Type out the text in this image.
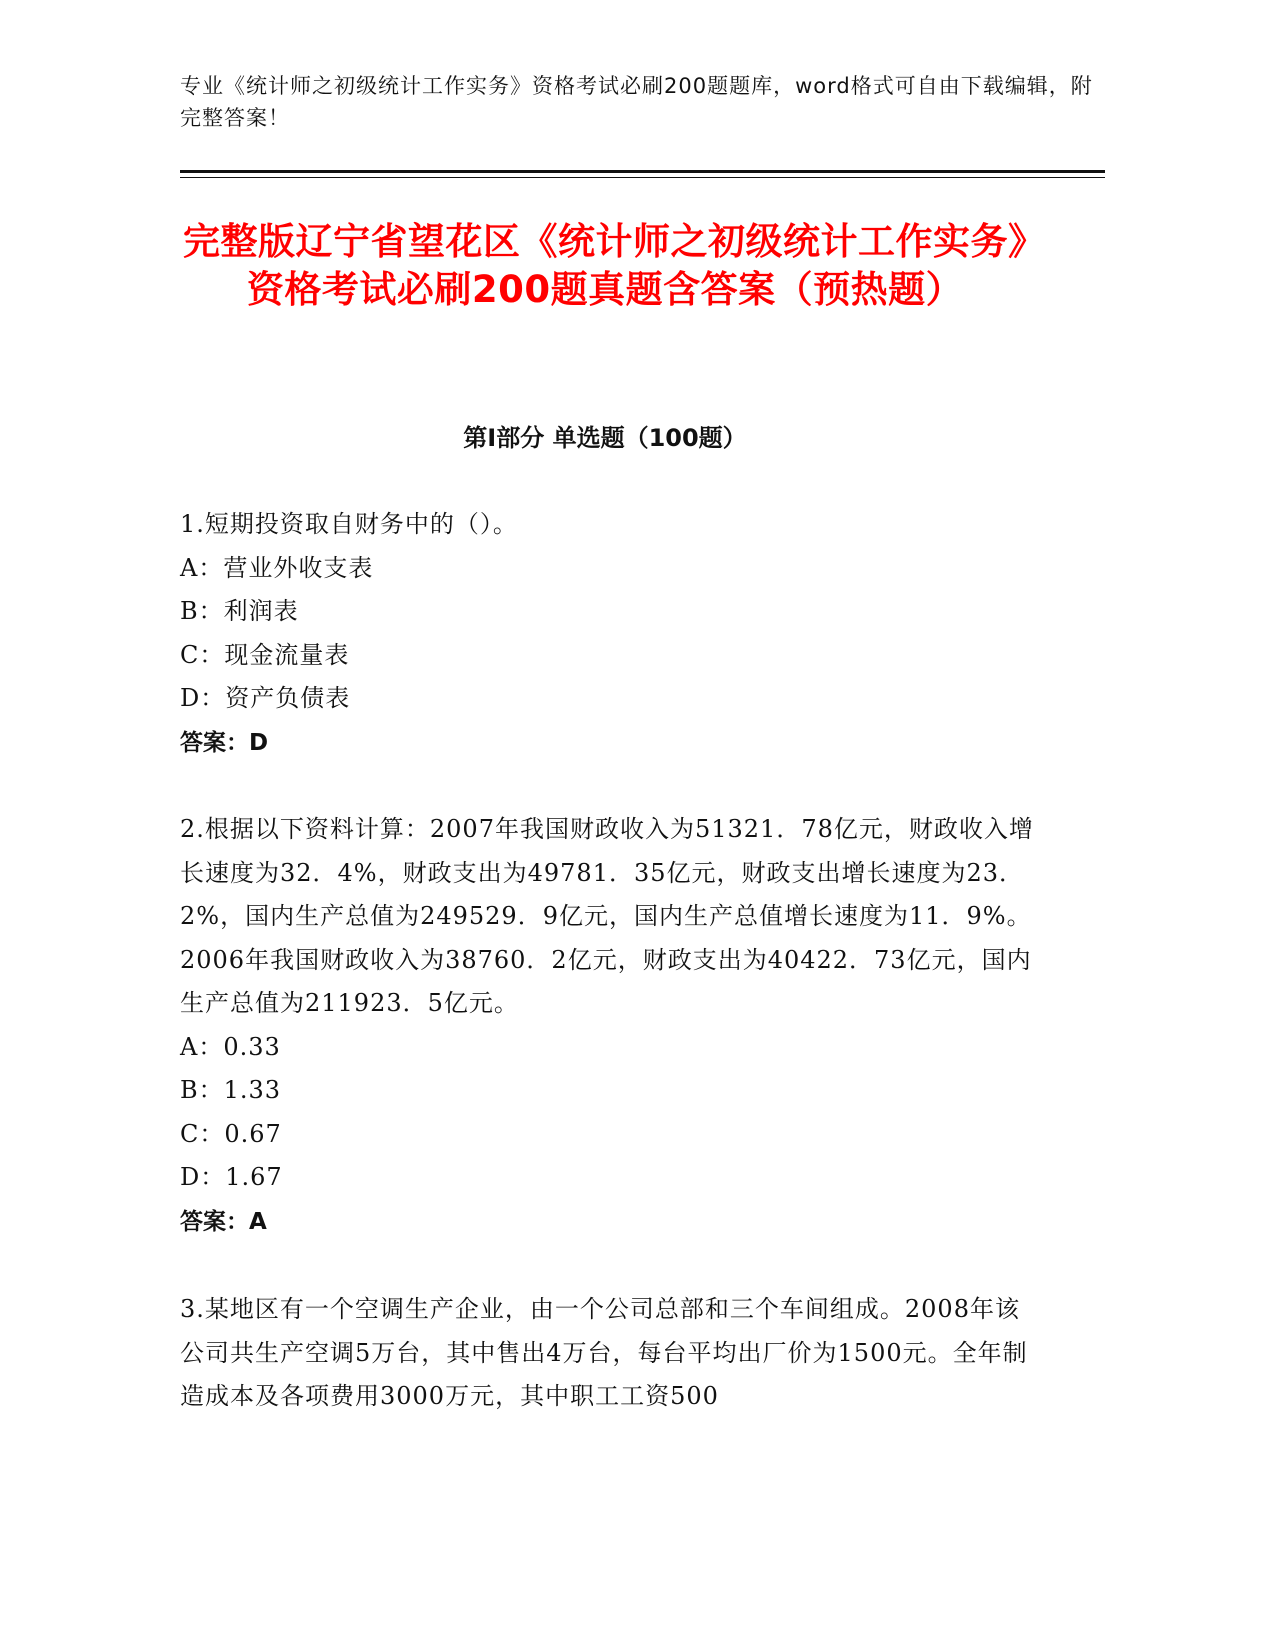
专业《统计师之初级统计工作实务》资格考试必刷200题题库，word格式可自由下载编辑，附完整答案！
完整版辽宁省望花区《统计师之初级统计工作实务》资格考试必刷200题真题含答案（预热题）
第Ⅰ部分 单选题（100题）
1.短期投资取自财务中的（）。
A：营业外收支表
B：利润表
C：现金流量表
D：资产负债表
答案：D
2.根据以下资料计算：2007年我国财政收入为51321．78亿元，财政收入增长速度为32．4%，财政支出为49781．35亿元，财政支出增长速度为23．2%，国内生产总值为249529．9亿元，国内生产总值增长速度为11．9%。2006年我国财政收入为38760．2亿元，财政支出为40422．73亿元，国内生产总值为211923．5亿元。
A：0.33
B：1.33
C：0.67
D：1.67
答案：A
3.某地区有一个空调生产企业，由一个公司总部和三个车间组成。2008年该公司共生产空调5万台，其中售出4万台，每台平均出厂价为1500元。全年制造成本及各项费用3000万元，其中职工工资500
